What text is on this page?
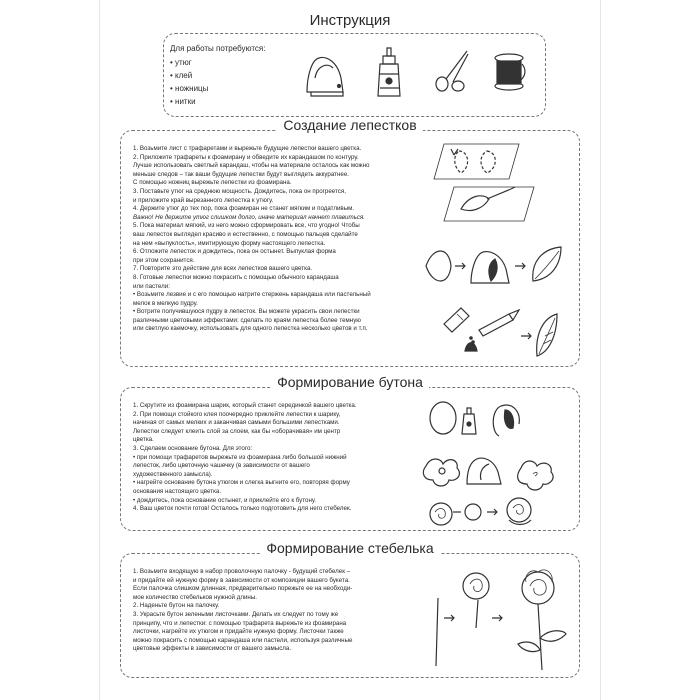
Инструкция
Для работы потребуются:
• утюг
• клей
• ножницы
• нитки
Создание лепестков

1. Возьмите лист с трафаретами и вырежьте будущие лепестки вашего цветка.

2. Приложите трафареты к фоамирану и обведите их карандашом по контуру.

Лучше использовать светлый карандаш, чтобы на материале осталось как можно

меньше следов – так ваши будущие лепестки будут выглядеть аккуратнее.

С помощью ножниц вырежьте лепестки из фоамирана.

3. Поставьте утюг на среднюю мощность. Дождитесь, пока он прогреется,

и приложите край вырезанного лепестка к утюгу.

4. Держите утюг до тех пор, пока фоамиран не станет мягким и податливым.

Важно! Не держите утюг слишком долго, иначе материал начнет плавиться.

5. Пока материал мягкий, из него можно сформировать все, что угодно! Чтобы

ваш лепесток выглядел красиво и естественно, с помощью пальцев сделайте

на нем «выпуклость», имитирующую форму настоящего лепестка.

6. Отложите лепесток и дождитесь, пока он остынет. Выпуклая форма

при этом сохранится.

7. Повторите это действие для всех лепестков вашего цветка.

8. Готовые лепестки можно покрасить с помощью обычного карандаша

или пастели:

• Возьмите лезвие и с его помощью натрите стержень карандаша или пастельный

мелок в мелкую пудру.

• Вотрите получившуюся пудру в лепесток. Вы можете украсить свои лепестки

различными цветовыми эффектами: сделать по краям лепестка более темную

или светлую каемочку, использовать для одного лепестка несколько цветов и т.п.

Формирование бутона

1. Скрутите из фоамирана шарик, который станет серединкой вашего цветка.

2. При помощи стойкого клея поочередно приклейте лепестки к шарику,

начиная от самых мелких и заканчивая самыми большими лепестками.

Лепестки следует клеить слой за слоем, как бы «оборачивая» им центр

цветка.

3. Сделаем основание бутона. Для этого:

• при помощи трафаретов вырежьте из фоамирана либо большой нижний

лепесток, либо цветочную чашечку (в зависимости от вашего

художественного замысла).

• нагрейте основание бутона утюгом и слегка выгните его, повторяя форму

основания настоящего цветка.

• дождитесь, пока основание остынет, и приклейте его к бутону.

4. Ваш цветок почти готов! Осталось только подготовить для него стебелек.

Формирование стебелька

1. Возьмите входящую в набор проволочную палочку - будущий стебелек –

и придайте ей нужную форму в зависимости от композиции вашего букета.

Если палочка слишком длинная, предварительно порежьте ее на необходи-

мое количество стебельков нужной длины.

2. Наденьте бутон на палочку.

3. Украсьте бутон зелеными листочками. Делать их следует по тому же

принципу, что и лепестки: с помощью трафарета вырежьте из фоамирана

листочки, нагрейте их утюгом и придайте нужную форму. Листочки также

можно покрасить с помощью карандаша или пастели, используя различные

цветовые эффекты в зависимости от вашего замысла.
